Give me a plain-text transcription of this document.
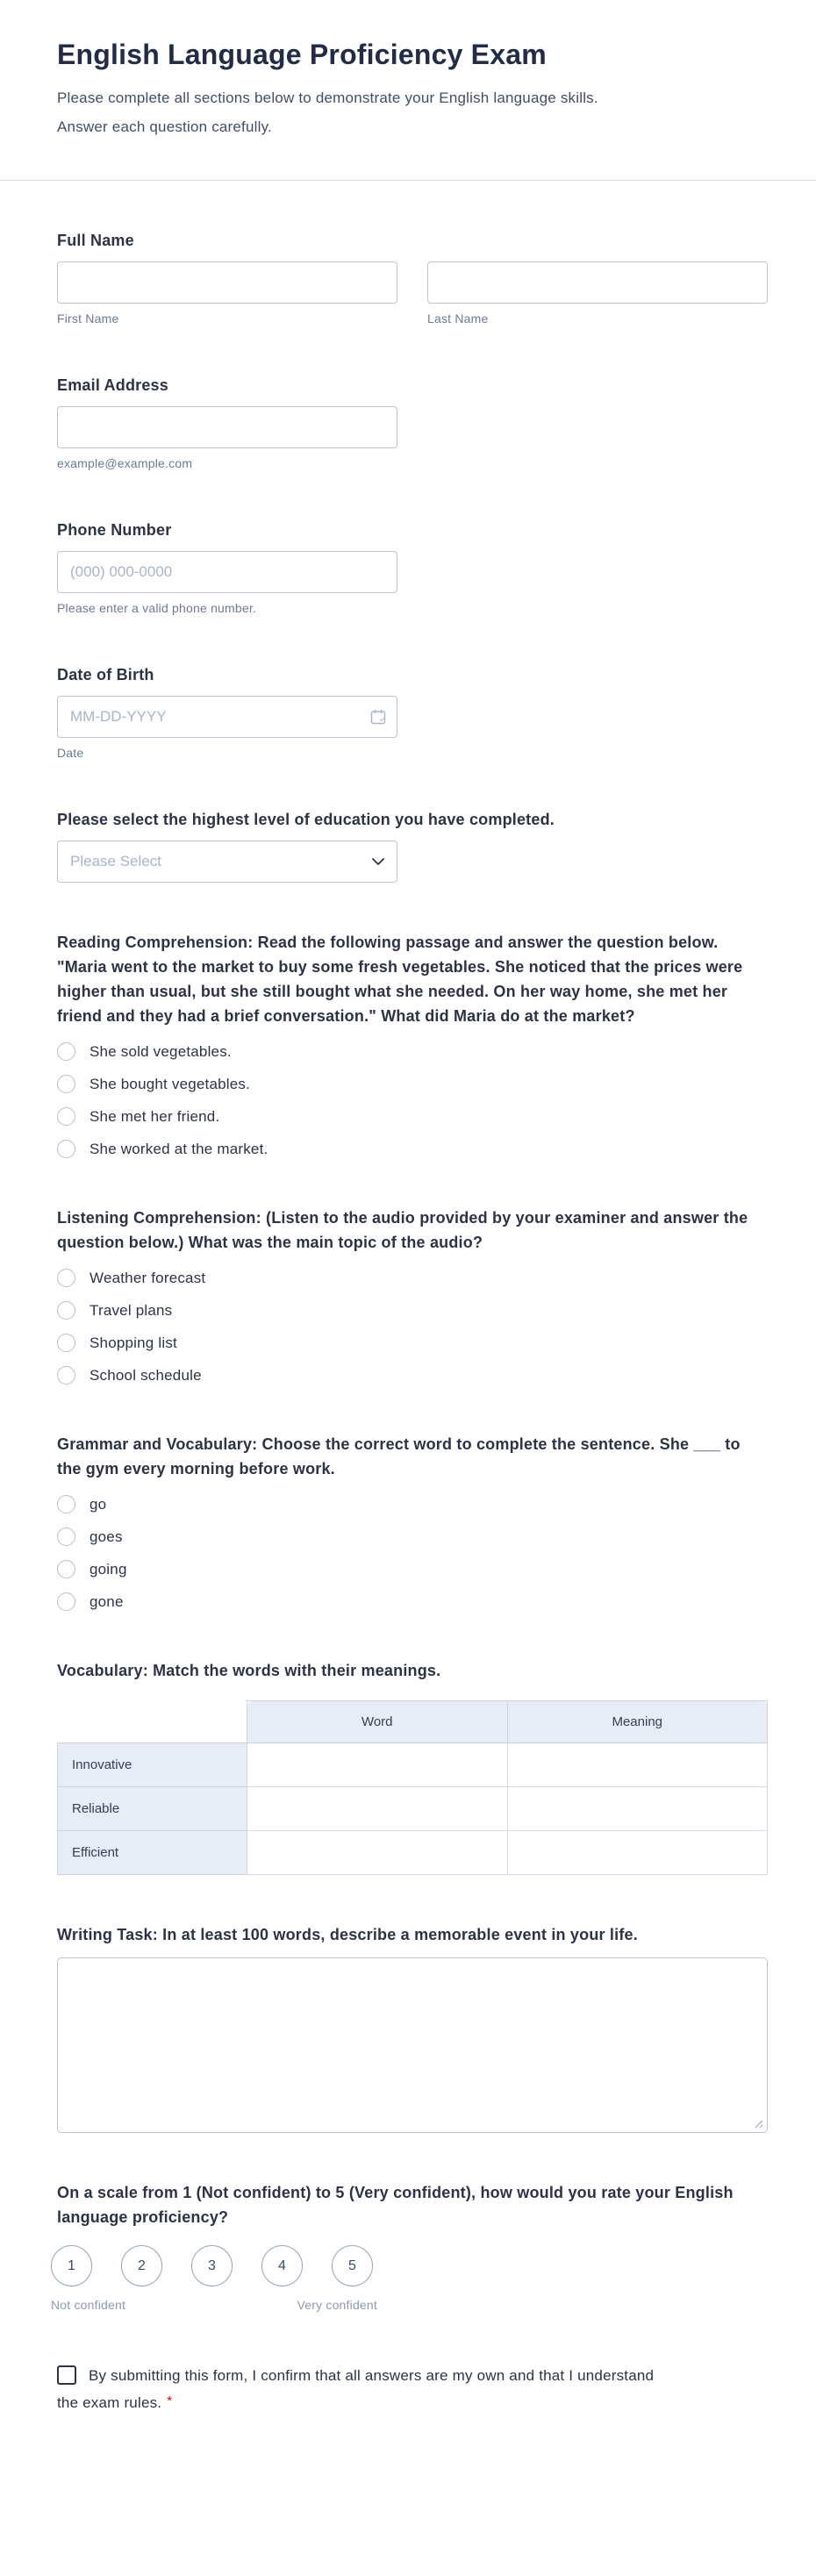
English Language Proficiency Exam
Please complete all sections below to demonstrate your English language skills. Answer each question carefully.
Full Name
First Name	Last Name
Email Address
example@example.com
Phone Number
(000) 000-0000
Please enter a valid phone number.
Date of Birth
MM-DD-YYYY
Date
Please select the highest level of education you have completed.
Please Select
Reading Comprehension: Read the following passage and answer the question below. "Maria went to the market to buy some fresh vegetables. She noticed that the prices were higher than usual, but she still bought what she needed. On her way home, she met her friend and they had a brief conversation." What did Maria do at the market?
She sold vegetables.
She bought vegetables.
She met her friend.
She worked at the market.
Listening Comprehension: (Listen to the audio provided by your examiner and answer the question below.) What was the main topic of the audio?
Weather forecast
Travel plans
Shopping list
School schedule
Grammar and Vocabulary: Choose the correct word to complete the sentence. She ___ to the gym every morning before work.
go
goes
going
gone
Vocabulary: Match the words with their meanings.
	Word	Meaning
Innovative		
Reliable		
Efficient		
Writing Task: In at least 100 words, describe a memorable event in your life.
On a scale from 1 (Not confident) to 5 (Very confident), how would you rate your English language proficiency?
1	2	3	4	5
Not confident	Very confident
By submitting this form, I confirm that all answers are my own and that I understand the exam rules. *
